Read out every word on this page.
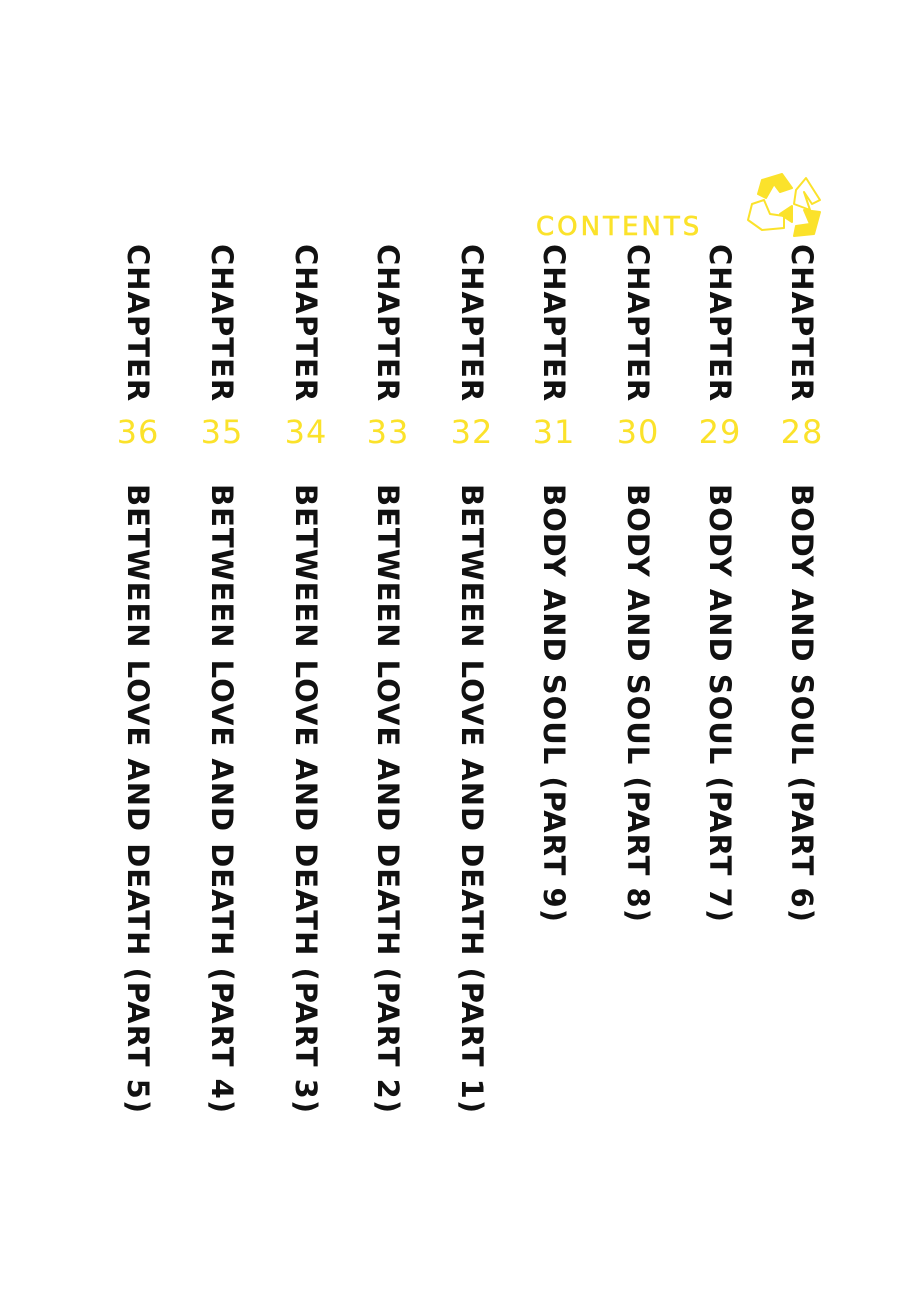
CONTENTS
CHAPTER
28
BODY AND SOUL (PART 6)
CHAPTER
29
BODY AND SOUL (PART 7)
CHAPTER
30
BODY AND SOUL (PART 8)
CHAPTER
31
BODY AND SOUL (PART 9)
CHAPTER
32
BETWEEN LOVE AND DEATH (PART 1)
CHAPTER
33
BETWEEN LOVE AND DEATH (PART 2)
CHAPTER
34
BETWEEN LOVE AND DEATH (PART 3)
CHAPTER
35
BETWEEN LOVE AND DEATH (PART 4)
CHAPTER
36
BETWEEN LOVE AND DEATH (PART 5)
